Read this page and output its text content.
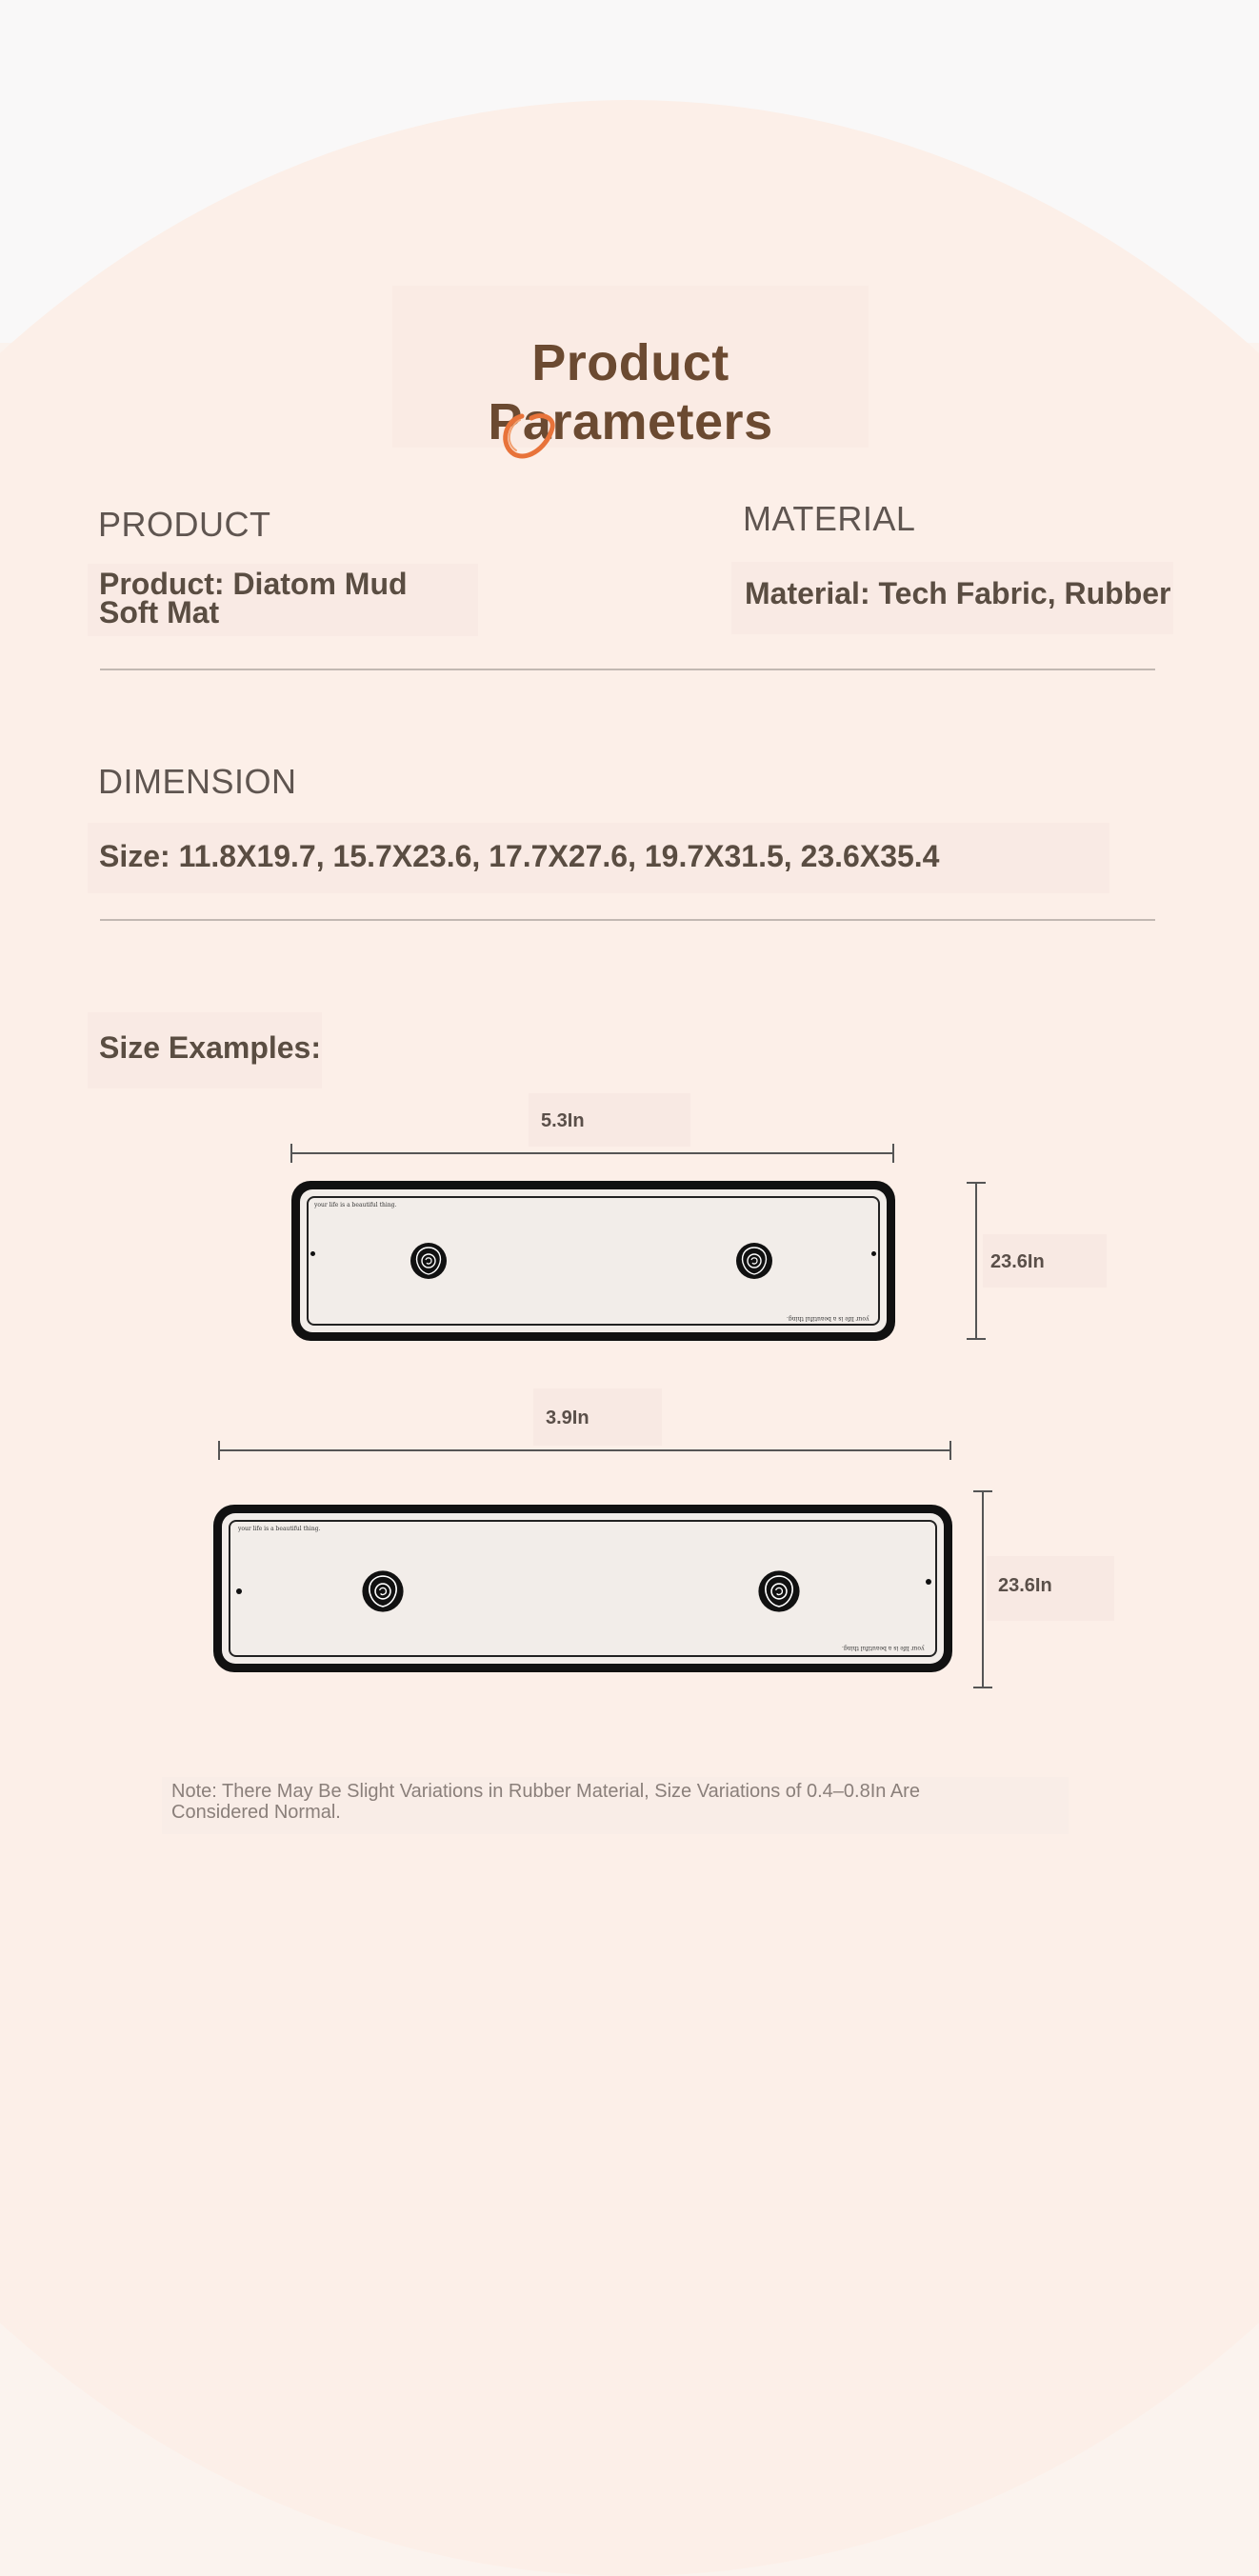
Product Parameters
PRODUCT
Product: Diatom Mud
Soft Mat
MATERIAL
Material: Tech Fabric, Rubber
DIMENSION
Size: 11.8X19.7, 15.7X23.6, 17.7X27.6, 19.7X31.5, 23.6X35.4
Size Examples:
5.3In
your life is a beautiful thing.
your life is a beautiful thing.
23.6In
3.9In
your life is a beautiful thing.
your life is a beautiful thing.
23.6In
Note: There May Be Slight Variations in Rubber Material, Size Variations of 0.4–0.8In Are Considered Normal.
